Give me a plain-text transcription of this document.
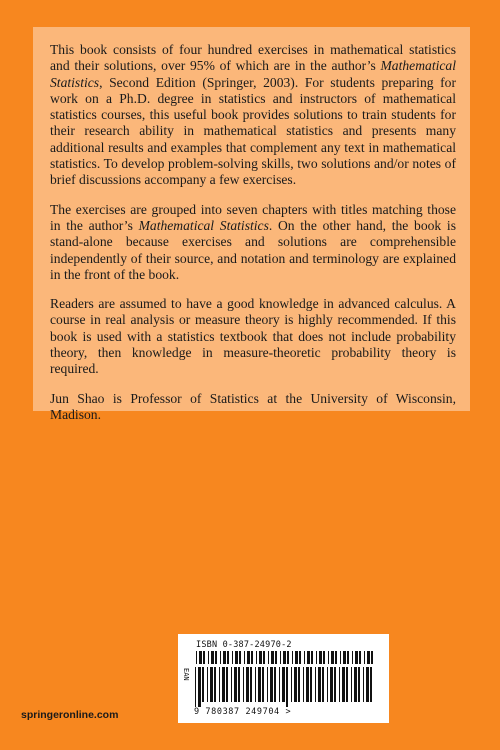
This book consists of four hundred exercises in mathematical statistics and their solutions, over 95% of which are in the author’s Mathematical Statistics, Second Edition (Springer, 2003). For students preparing for work on a Ph.D. degree in statistics and instructors of mathematical statistics courses, this useful book provides solutions to train students for their research ability in mathematical statistics and presents many additional results and examples that complement any text in mathematical statistics. To develop problem-solving skills, two solutions and/or notes of brief discussions accompany a few exercises.

The exercises are grouped into seven chapters with titles matching those in the author’s Mathematical Statistics. On the other hand, the book is stand-alone because exercises and solutions are comprehensible independently of their source, and notation and terminology are explained in the front of the book.

Readers are assumed to have a good knowledge in advanced calculus. A course in real analysis or measure theory is highly recommended. If this book is used with a statistics textbook that does not include probability theory, then knowledge in measure-theoretic probability theory is required.

Jun Shao is Professor of Statistics at the University of Wisconsin, Madison.

ISBN 0-387-24970-2
EAN
9 780387 249704 >
springeronline.com
